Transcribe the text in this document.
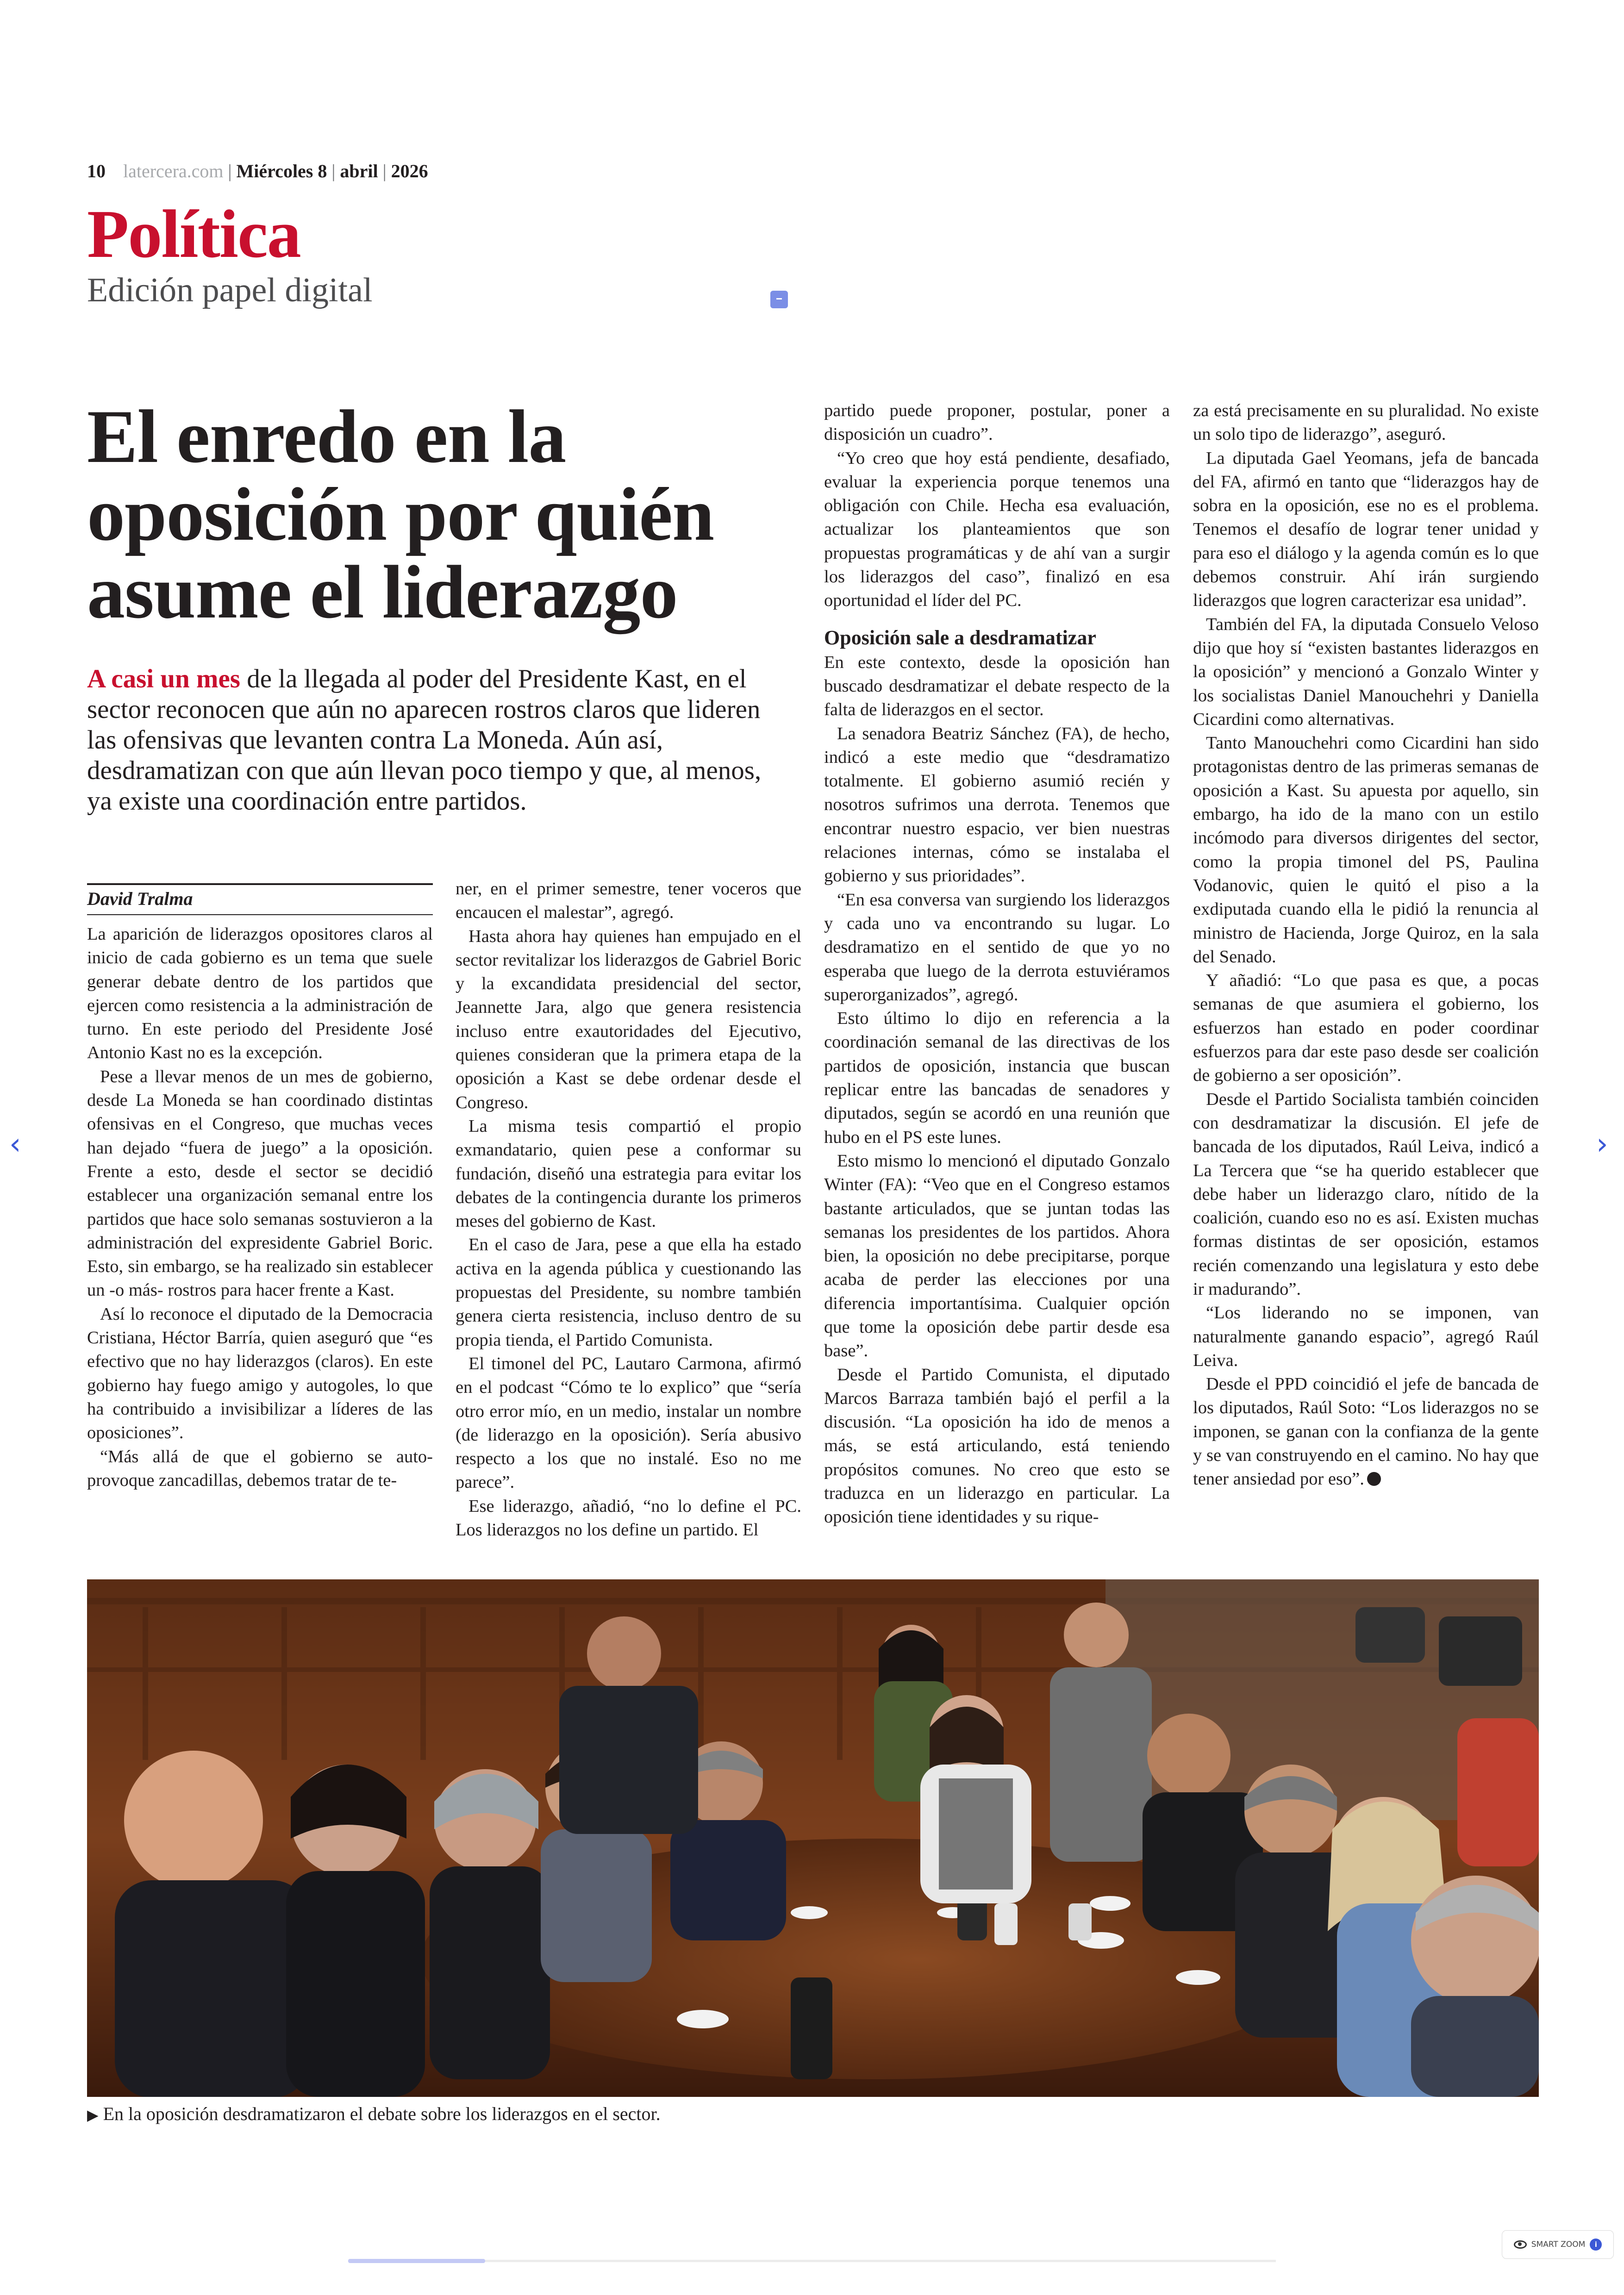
10 latercera.com | Miércoles 8 | abril | 2026
Política
Edición papel digital
El enredo en la oposición por quién asume el liderazgo
A casi un mes de la llegada al poder del Presidente Kast, en el sector reconocen que aún no aparecen rostros claros que lideren las ofensivas que levanten contra La Moneda. Aún así, desdramatizan con que aún llevan poco tiempo y que, al menos, ya existe una coordinación entre partidos.
David Tralma

La aparición de liderazgos opositores claros al inicio de cada gobierno es un tema que suele generar debate dentro de los partidos que ejercen como resistencia a la administración de turno. En este periodo del Presidente José Antonio Kast no es la excepción.

Pese a llevar menos de un mes de gobierno, desde La Moneda se han coordinado distintas ofensivas en el Congreso, que muchas veces han dejado “fuera de juego” a la oposición. Frente a esto, desde el sector se decidió establecer una organización semanal entre los partidos que hace solo semanas sostuvieron a la administración del expresidente Gabriel Boric. Esto, sin embargo, se ha realizado sin establecer un -o más- rostros para hacer frente a Kast.

Así lo reconoce el diputado de la Democracia Cristiana, Héctor Barría, quien aseguró que “es efectivo que no hay liderazgos (claros). En este gobierno hay fuego amigo y autogoles, lo que ha contribuido a invisibilizar a líderes de las oposiciones”.

“Más allá de que el gobierno se auto-provoque zancadillas, debemos tratar de te-

ner, en el primer semestre, tener voceros que encaucen el malestar”, agregó.

Hasta ahora hay quienes han empujado en el sector revitalizar los liderazgos de Gabriel Boric y la excandidata presidencial del sector, Jeannette Jara, algo que genera resistencia incluso entre exautoridades del Ejecutivo, quienes consideran que la primera etapa de la oposición a Kast se debe ordenar desde el Congreso.

La misma tesis compartió el propio exmandatario, quien pese a conformar su fundación, diseñó una estrategia para evitar los debates de la contingencia durante los primeros meses del gobierno de Kast.

En el caso de Jara, pese a que ella ha estado activa en la agenda pública y cuestionando las propuestas del Presidente, su nombre también genera cierta resistencia, incluso dentro de su propia tienda, el Partido Comunista.

El timonel del PC, Lautaro Carmona, afirmó en el podcast “Cómo te lo explico” que “sería otro error mío, en un medio, instalar un nombre (de liderazgo en la oposición). Sería abusivo respecto a los que no instalé. Eso no me parece”.

Ese liderazgo, añadió, “no lo define el PC. Los liderazgos no los define un partido. El

partido puede proponer, postular, poner a disposición un cuadro”.

“Yo creo que hoy está pendiente, desafiado, evaluar la experiencia porque tenemos una obligación con Chile. Hecha esa evaluación, actualizar los planteamientos que son propuestas programáticas y de ahí van a surgir los liderazgos del caso”, finalizó en esa oportunidad el líder del PC.

Oposición sale a desdramatizar

En este contexto, desde la oposición han buscado desdramatizar el debate respecto de la falta de liderazgos en el sector.

La senadora Beatriz Sánchez (FA), de hecho, indicó a este medio que “desdramatizo totalmente. El gobierno asumió recién y nosotros sufrimos una derrota. Tenemos que encontrar nuestro espacio, ver bien nuestras relaciones internas, cómo se instalaba el gobierno y sus prioridades”.

“En esa conversa van surgiendo los liderazgos y cada uno va encontrando su lugar. Lo desdramatizo en el sentido de que yo no esperaba que luego de la derrota estuviéramos superorganizados”, agregó.

Esto último lo dijo en referencia a la coordinación semanal de las directivas de los partidos de oposición, instancia que buscan replicar entre las bancadas de senadores y diputados, según se acordó en una reunión que hubo en el PS este lunes.

Esto mismo lo mencionó el diputado Gonzalo Winter (FA): “Veo que en el Congreso estamos bastante articulados, que se juntan todas las semanas los presidentes de los partidos. Ahora bien, la oposición no debe precipitarse, porque acaba de perder las elecciones por una diferencia importantísima. Cualquier opción que tome la oposición debe partir desde esa base”.

Desde el Partido Comunista, el diputado Marcos Barraza también bajó el perfil a la discusión. “La oposición ha ido de menos a más, se está articulando, está teniendo propósitos comunes. No creo que esto se traduzca en un liderazgo en particular. La oposición tiene identidades y su rique-

za está precisamente en su pluralidad. No existe un solo tipo de liderazgo”, aseguró.

La diputada Gael Yeomans, jefa de bancada del FA, afirmó en tanto que “liderazgos hay de sobra en la oposición, ese no es el problema. Tenemos el desafío de lograr tener unidad y para eso el diálogo y la agenda común es lo que debemos construir. Ahí irán surgiendo liderazgos que logren caracterizar esa unidad”.

También del FA, la diputada Consuelo Veloso dijo que hoy sí “existen bastantes liderazgos en la oposición” y mencionó a Gonzalo Winter y los socialistas Daniel Manouchehri y Daniella Cicardini como alternativas.

Tanto Manouchehri como Cicardini han sido protagonistas dentro de las primeras semanas de oposición a Kast. Su apuesta por aquello, sin embargo, ha ido de la mano con un estilo incómodo para diversos dirigentes del sector, como la propia timonel del PS, Paulina Vodanovic, quien le quitó el piso a la exdiputada cuando ella le pidió la renuncia al ministro de Hacienda, Jorge Quiroz, en la sala del Senado.

Y añadió: “Lo que pasa es que, a pocas semanas de que asumiera el gobierno, los esfuerzos han estado en poder coordinar esfuerzos para dar este paso desde ser coalición de gobierno a ser oposición”.

Desde el Partido Socialista también coinciden con desdramatizar la discusión. El jefe de bancada de los diputados, Raúl Leiva, indicó a La Tercera que “se ha querido establecer que debe haber un liderazgo claro, nítido de la coalición, cuando eso no es así. Existen muchas formas distintas de ser oposición, estamos recién comenzando una legislatura y esto debe ir madurando”.

“Los liderando no se imponen, van naturalmente ganando espacio”, agregó Raúl Leiva.

Desde el PPD coincidió el jefe de bancada de los diputados, Raúl Soto: “Los liderazgos no se imponen, se ganan con la confianza de la gente y se van construyendo en el camino. No hay que tener ansiedad por eso”.

▶ En la oposición desdramatizaron el debate sobre los liderazgos en el sector.
‹	›
SMART ZOOM	i
